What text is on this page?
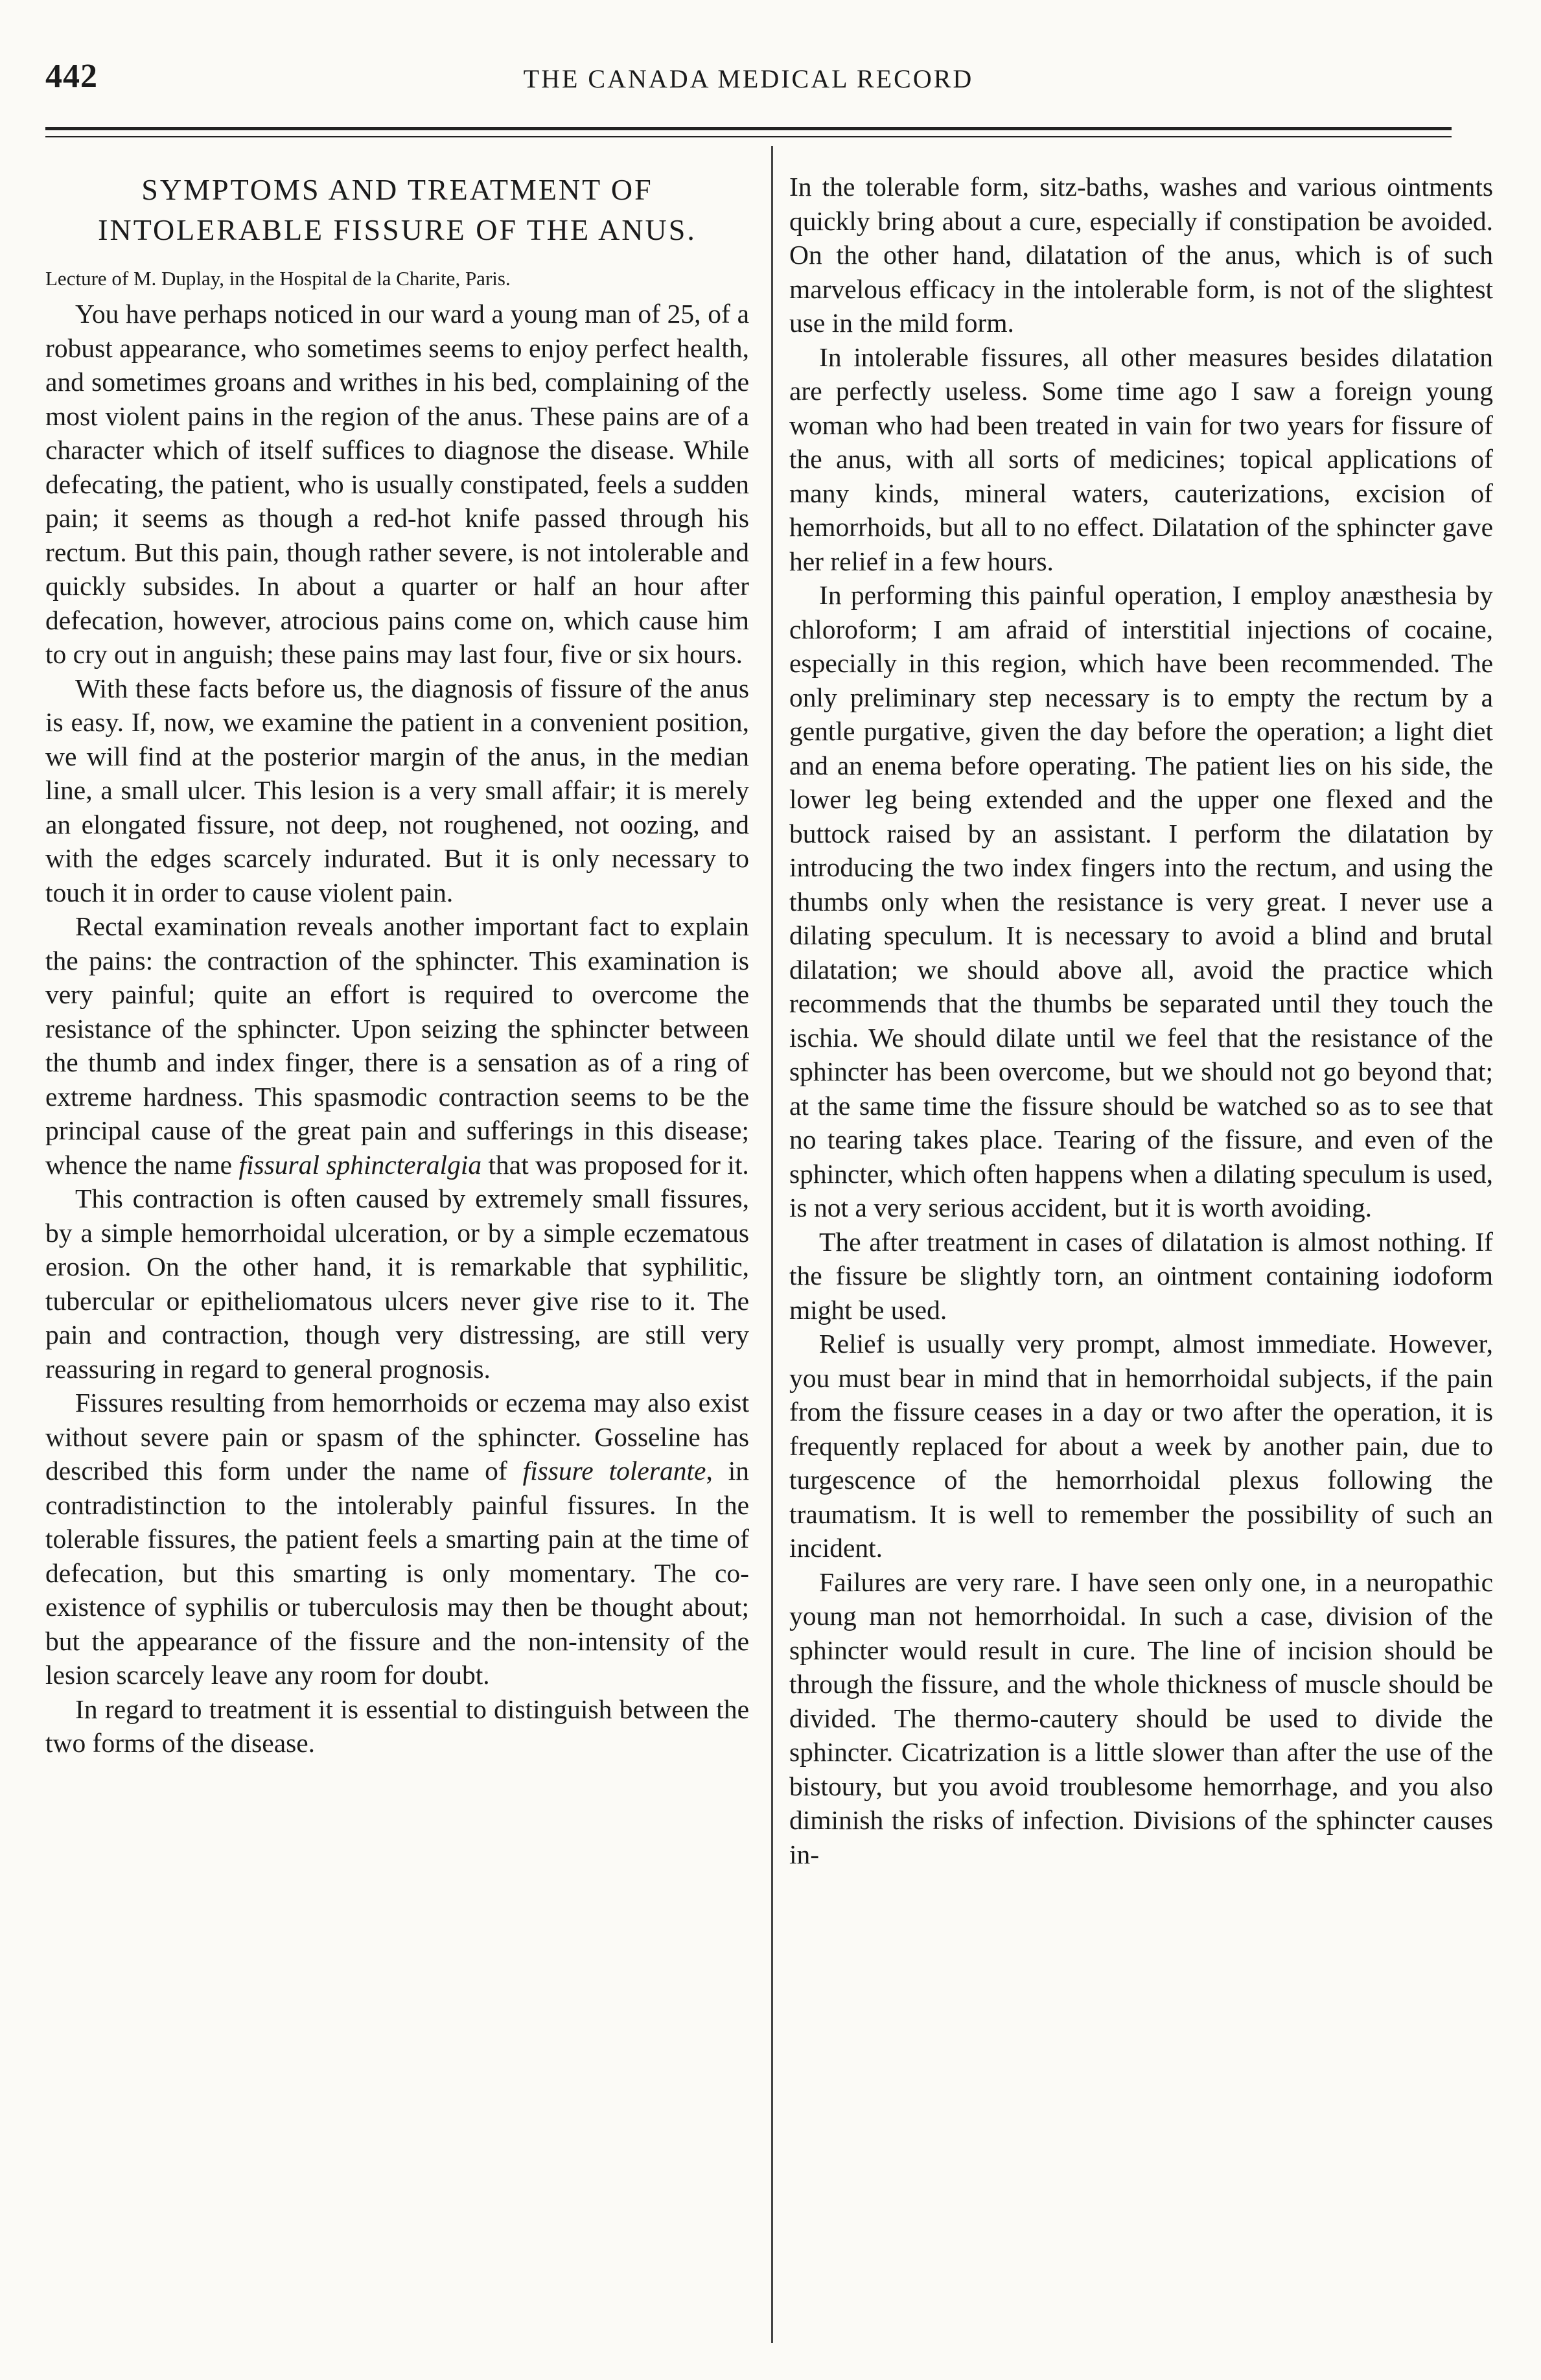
442	THE CANADA MEDICAL RECORD
SYMPTOMS AND TREATMENT OF INTOLERABLE FISSURE OF THE ANUS.
Lecture of M. Duplay, in the Hospital de la Charite, Paris.

You have perhaps noticed in our ward a young man of 25, of a robust appearance, who sometimes seems to enjoy perfect health, and sometimes groans and writhes in his bed, complaining of the most violent pains in the region of the anus. These pains are of a character which of itself suffices to diagnose the disease. While defecating, the patient, who is usually constipated, feels a sudden pain; it seems as though a red-hot knife passed through his rectum. But this pain, though rather severe, is not intolerable and quickly subsides. In about a quarter or half an hour after defecation, however, atrocious pains come on, which cause him to cry out in anguish; these pains may last four, five or six hours.

With these facts before us, the diagnosis of fissure of the anus is easy. If, now, we examine the patient in a convenient position, we will find at the posterior margin of the anus, in the median line, a small ulcer. This lesion is a very small affair; it is merely an elongated fissure, not deep, not roughened, not oozing, and with the edges scarcely indurated. But it is only necessary to touch it in order to cause violent pain.

Rectal examination reveals another important fact to explain the pains: the contraction of the sphincter. This examination is very painful; quite an effort is required to overcome the resistance of the sphincter. Upon seizing the sphincter between the thumb and index finger, there is a sensation as of a ring of extreme hardness. This spasmodic contraction seems to be the principal cause of the great pain and sufferings in this disease; whence the name fissural sphincteralgia that was proposed for it.

This contraction is often caused by extremely small fissures, by a simple hemorrhoidal ulceration, or by a simple eczematous erosion. On the other hand, it is remarkable that syphilitic, tubercular or epitheliomatous ulcers never give rise to it. The pain and contraction, though very distressing, are still very reassuring in regard to general prognosis.

Fissures resulting from hemorrhoids or eczema may also exist without severe pain or spasm of the sphincter. Gosseline has described this form under the name of fissure tolerante, in contradistinction to the intolerably painful fissures. In the tolerable fissures, the patient feels a smarting pain at the time of defecation, but this smarting is only momentary. The co-existence of syphilis or tuberculosis may then be thought about; but the appearance of the fissure and the non-intensity of the lesion scarcely leave any room for doubt.

In regard to treatment it is essential to distinguish between the two forms of the disease.

In the tolerable form, sitz-baths, washes and various ointments quickly bring about a cure, especially if constipation be avoided. On the other hand, dilatation of the anus, which is of such marvelous efficacy in the intolerable form, is not of the slightest use in the mild form.

In intolerable fissures, all other measures besides dilatation are perfectly useless. Some time ago I saw a foreign young woman who had been treated in vain for two years for fissure of the anus, with all sorts of medicines; topical applications of many kinds, mineral waters, cauterizations, excision of hemorrhoids, but all to no effect. Dilatation of the sphincter gave her relief in a few hours.

In performing this painful operation, I employ anæsthesia by chloroform; I am afraid of interstitial injections of cocaine, especially in this region, which have been recommended. The only preliminary step necessary is to empty the rectum by a gentle purgative, given the day before the operation; a light diet and an enema before operating. The patient lies on his side, the lower leg being extended and the upper one flexed and the buttock raised by an assistant. I perform the dilatation by introducing the two index fingers into the rectum, and using the thumbs only when the resistance is very great. I never use a dilating speculum. It is necessary to avoid a blind and brutal dilatation; we should above all, avoid the practice which recommends that the thumbs be separated until they touch the ischia. We should dilate until we feel that the resistance of the sphincter has been overcome, but we should not go beyond that; at the same time the fissure should be watched so as to see that no tearing takes place. Tearing of the fissure, and even of the sphincter, which often happens when a dilating speculum is used, is not a very serious accident, but it is worth avoiding.

The after treatment in cases of dilatation is almost nothing. If the fissure be slightly torn, an ointment containing iodoform might be used.

Relief is usually very prompt, almost immediate. However, you must bear in mind that in hemorrhoidal subjects, if the pain from the fissure ceases in a day or two after the operation, it is frequently replaced for about a week by another pain, due to turgescence of the hemorrhoidal plexus following the traumatism. It is well to remember the possibility of such an incident.

Failures are very rare. I have seen only one, in a neuropathic young man not hemorrhoidal. In such a case, division of the sphincter would result in cure. The line of incision should be through the fissure, and the whole thickness of muscle should be divided. The thermo-cautery should be used to divide the sphincter. Cicatrization is a little slower than after the use of the bistoury, but you avoid troublesome hemorrhage, and you also diminish the risks of infection. Divisions of the sphincter causes in-
